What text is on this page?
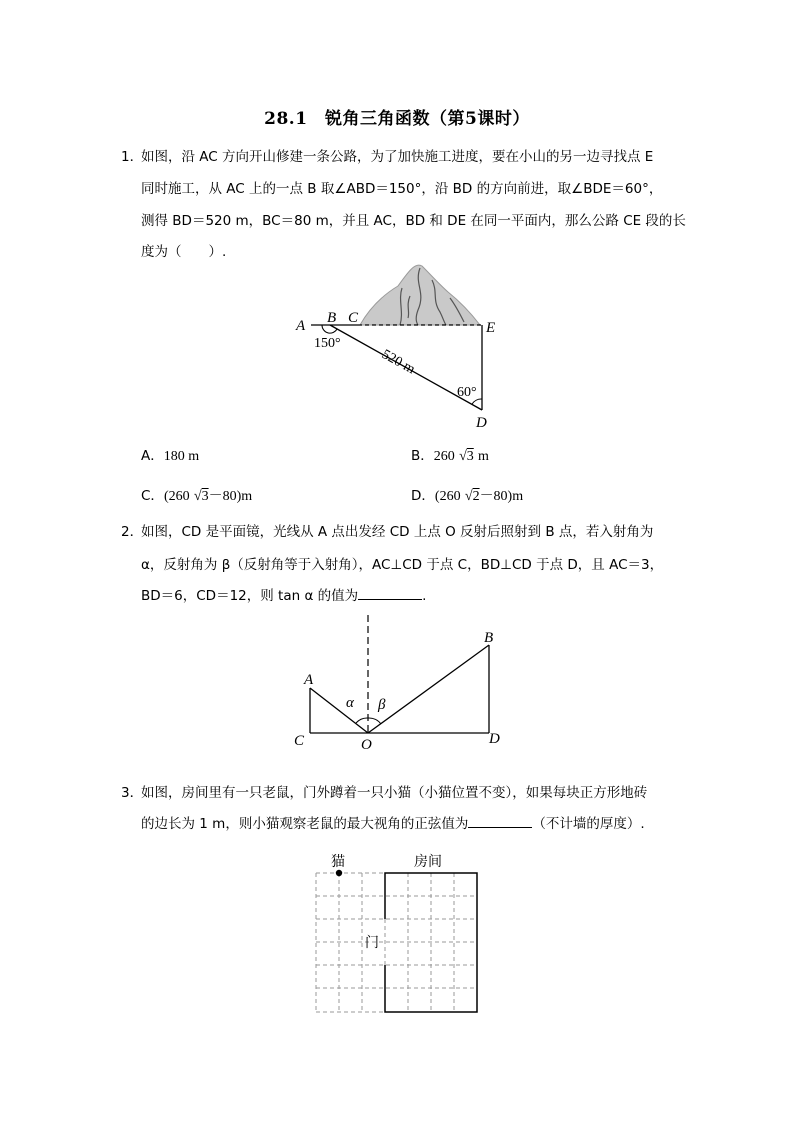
28.1　锐角三角函数（第5课时）
1．
如图，沿 AC 方向开山修建一条公路，为了加快施工进度，要在小山的另一边寻找点 E
同时施工，从 AC 上的一点 B 取∠ABD＝150°，沿 BD 的方向前进，取∠BDE＝60°，
测得 BD＝520 m，BC＝80 m，并且 AC，BD 和 DE 在同一平面内，那么公路 CE 段的长
度为（　　）.
A B C
E
D
150°
60°
520 m
A．180 m	B．260 √3 m
C．(260 √3－80)m	D．(260 √2－80)m
2．
如图，CD 是平面镜，光线从 A 点出发经 CD 上点 O 反射后照射到 B 点，若入射角为
α，反射角为 β（反射角等于入射角），AC⊥CD 于点 C，BD⊥CD 于点 D，且 AC＝3，
BD＝6，CD＝12，则 tan α 的值为	.
A
B
C	D
O
α β
3．
如图，房间里有一只老鼠，门外蹲着一只小猫（小猫位置不变），如果每块正方形地砖
的边长为 1 m，则小猫观察老鼠的最大视角的正弦值为	（不计墙的厚度）.
猫	房间
门
